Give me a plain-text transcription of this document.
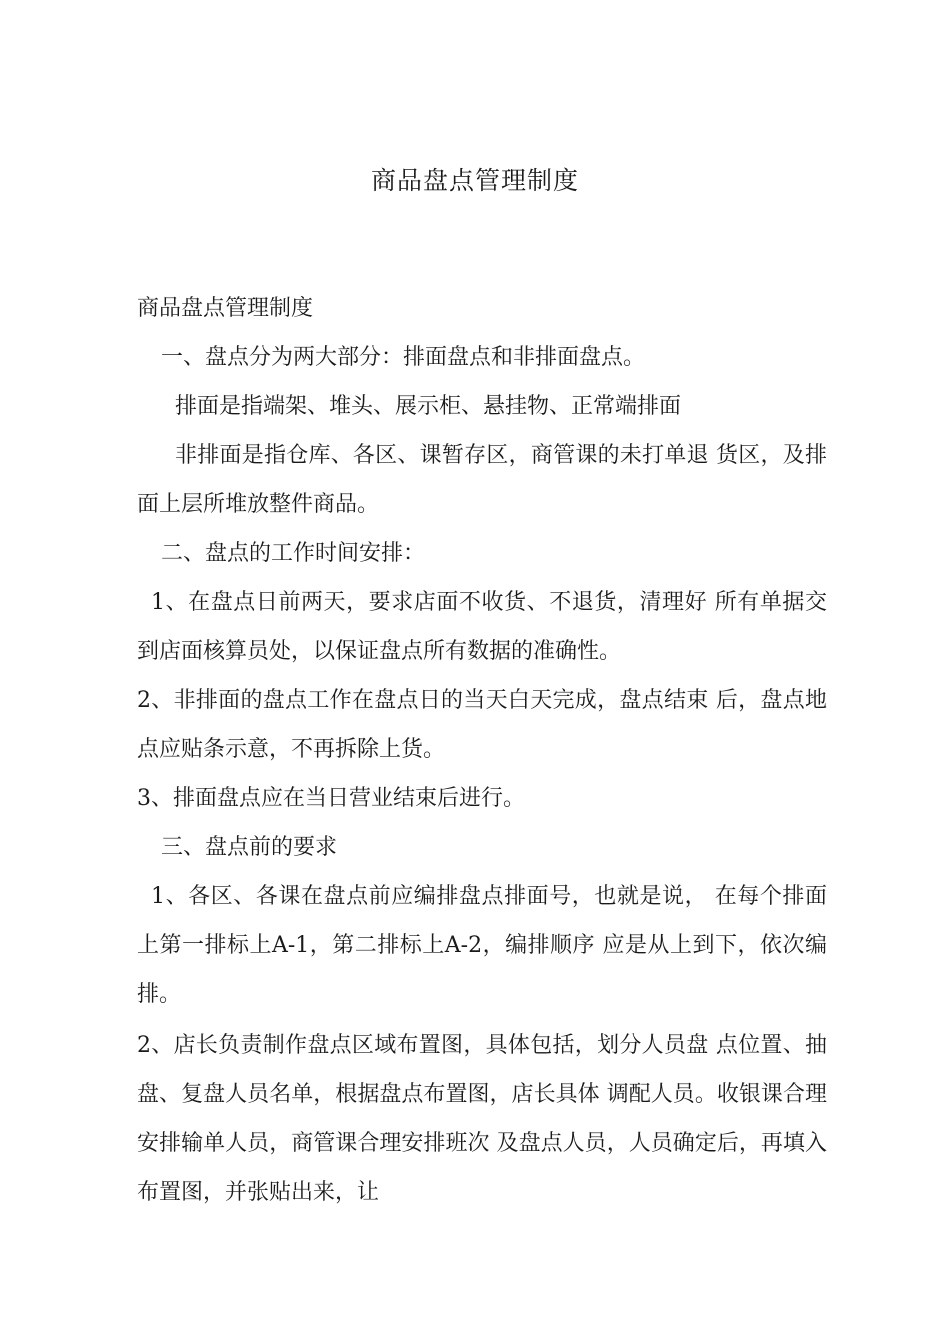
商品盘点管理制度

商品盘点管理制度

一、盘点分为两大部分：排面盘点和非排面盘点。

排面是指端架、堆头、展示柜、悬挂物、正常端排面

非排面是指仓库、各区、课暂存区，商管课的未打单退 货区，及排面上层所堆放整件商品。

二、盘点的工作时间安排：

1、在盘点日前两天，要求店面不收货、不退货，清理好 所有单据交到店面核算员处，以保证盘点所有数据的准确性。

2、非排面的盘点工作在盘点日的当天白天完成，盘点结束 后，盘点地点应贴条示意，不再拆除上货。

3、排面盘点应在当日营业结束后进行。

三、盘点前的要求

1、各区、各课在盘点前应编排盘点排面号，也就是说， 在每个排面上第一排标上A-1，第二排标上A-2，编排顺序 应是从上到下，依次编排。

2、店长负责制作盘点区域布置图，具体包括，划分人员盘 点位置、抽盘、复盘人员名单，根据盘点布置图，店长具体 调配人员。收银课合理安排输单人员，商管课合理安排班次 及盘点人员，人员确定后，再填入布置图，并张贴出来，让
